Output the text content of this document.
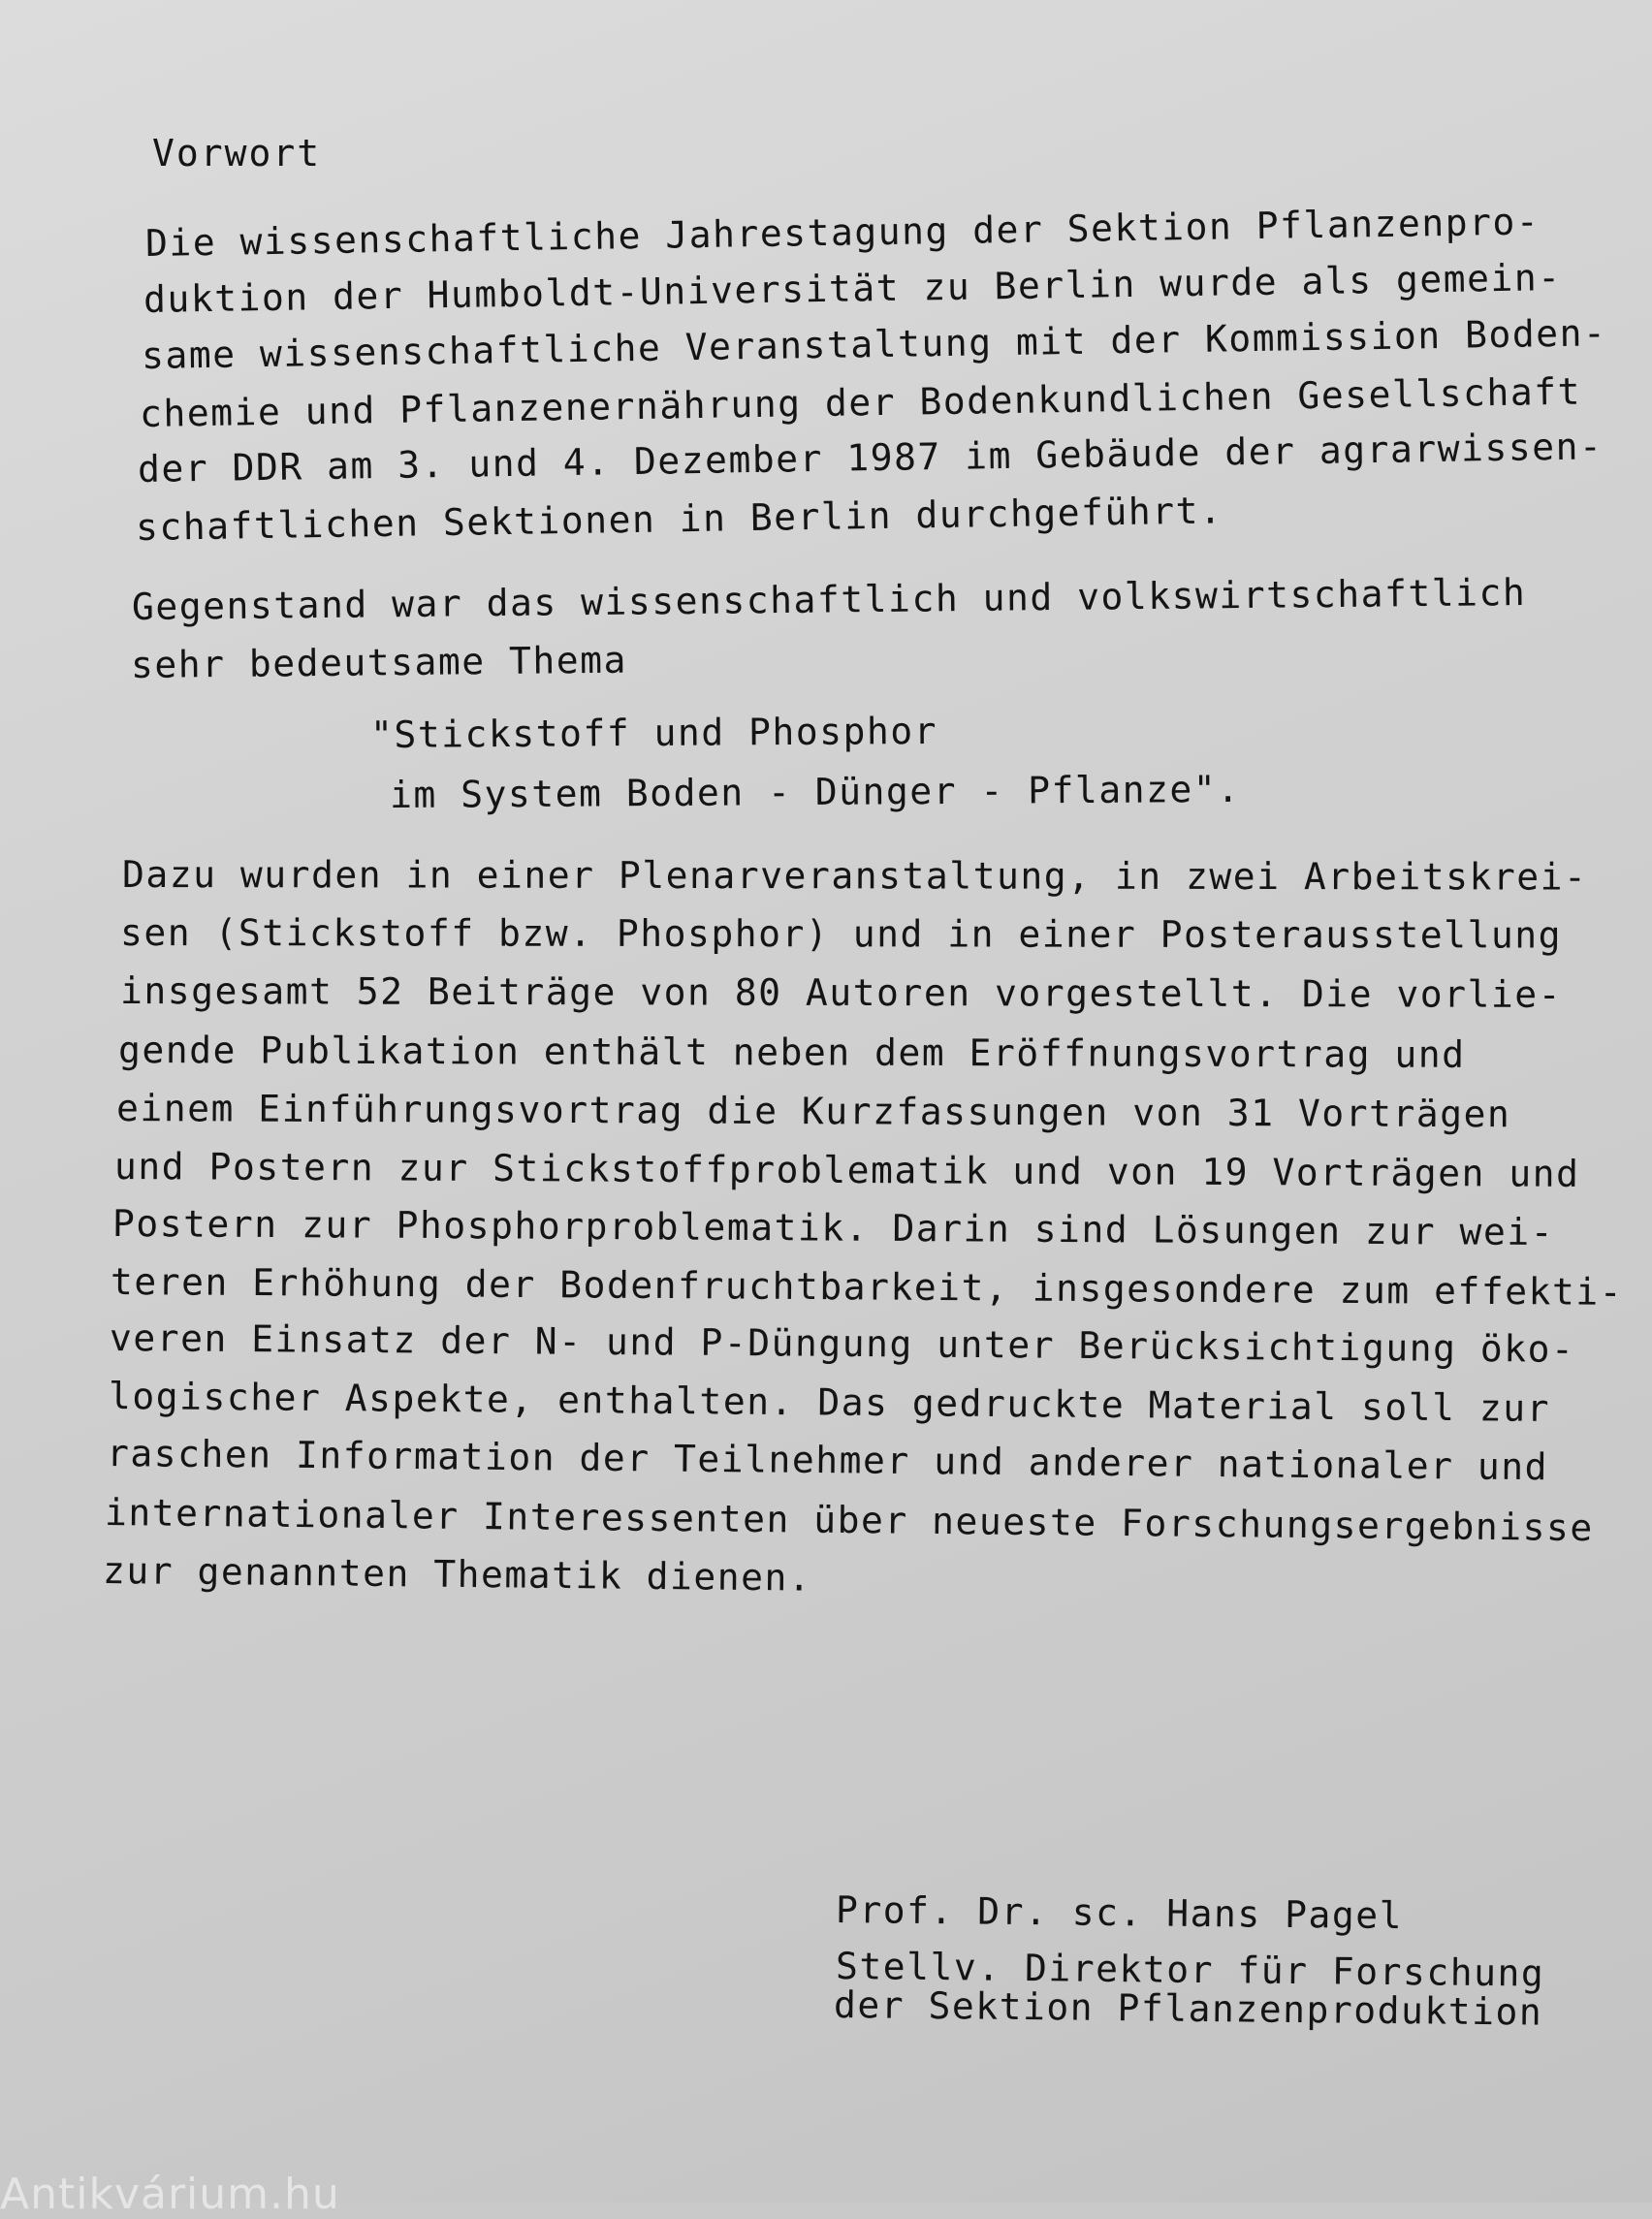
Vorwort
Die wissenschaftliche Jahrestagung der Sektion Pflanzenpro-
duktion der Humboldt-Universität zu Berlin wurde als gemein-
same wissenschaftliche Veranstaltung mit der Kommission Boden-
chemie und Pflanzenernährung der Bodenkundlichen Gesellschaft
der DDR am 3. und 4. Dezember 1987 im Gebäude der agrarwissen-
schaftlichen Sektionen in Berlin durchgeführt.
Gegenstand war das wissenschaftlich und volkswirtschaftlich
sehr bedeutsame Thema
"Stickstoff und Phosphor
im System Boden - Dünger - Pflanze".
Dazu wurden in einer Plenarveranstaltung, in zwei Arbeitskrei-
sen (Stickstoff bzw. Phosphor) und in einer Posterausstellung
insgesamt 52 Beiträge von 80 Autoren vorgestellt. Die vorlie-
gende Publikation enthält neben dem Eröffnungsvortrag und
einem Einführungsvortrag die Kurzfassungen von 31 Vorträgen
und Postern zur Stickstoffproblematik und von 19 Vorträgen und
Postern zur Phosphorproblematik. Darin sind Lösungen zur wei-
teren Erhöhung der Bodenfruchtbarkeit, insgesondere zum effekti-
veren Einsatz der N- und P-Düngung unter Berücksichtigung öko-
logischer Aspekte, enthalten. Das gedruckte Material soll zur
raschen Information der Teilnehmer und anderer nationaler und
internationaler Interessenten über neueste Forschungsergebnisse
zur genannten Thematik dienen.
Prof. Dr. sc. Hans Pagel
Stellv. Direktor für Forschung
der Sektion Pflanzenproduktion
Antikvárium.hu
